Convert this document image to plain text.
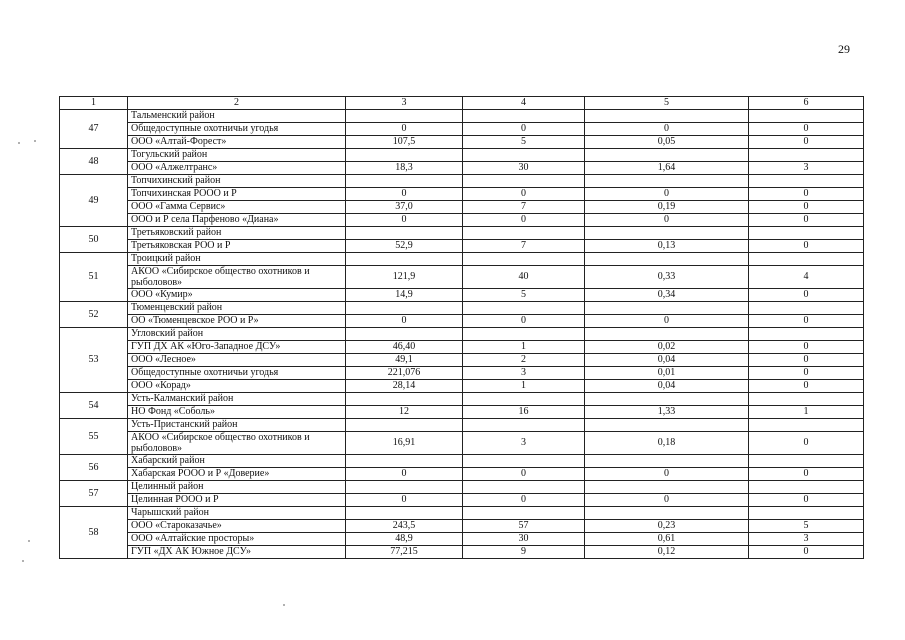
29
1	2	3	4	5	6
47	Тальменский район				
	Общедоступные охотничьи угодья	0	0	0	0
	ООО «Алтай-Форест»	107,5	5	0,05	0
48	Тогульский район				
	ООО «Алжелтранс»	18,3	30	1,64	3
49	Топчихинский район				
	Топчихинская РООО и Р	0	0	0	0
	ООО «Гамма Сервис»	37,0	7	0,19	0
	ООО и Р села Парфеново «Диана»	0	0	0	0
50	Третьяковский район				
	Третьяковская РОО и Р	52,9	7	0,13	0
51	Троицкий район				
	АКОО «Сибирское общество охотников и рыболовов»	121,9	40	0,33	4
	ООО «Кумир»	14,9	5	0,34	0
52	Тюменцевский район				
	ОО «Тюменцевское РОО и Р»	0	0	0	0
53	Угловский район				
	ГУП ДХ АК «Юго-Западное ДСУ»	46,40	1	0,02	0
	ООО «Лесное»	49,1	2	0,04	0
	Общедоступные охотничьи угодья	221,076	3	0,01	0
	ООО «Корад»	28,14	1	0,04	0
54	Усть-Калманский район				
	НО Фонд «Соболь»	12	16	1,33	1
55	Усть-Пристанский район				
	АКОО «Сибирское общество охотников и рыболовов»	16,91	3	0,18	0
56	Хабарский район				
	Хабарская РООО и Р «Доверие»	0	0	0	0
57	Целинный район				
	Целинная РООО и Р	0	0	0	0
58	Чарышский район				
	ООО «Староказачье»	243,5	57	0,23	5
	ООО «Алтайские просторы»	48,9	30	0,61	3
	ГУП «ДХ АК Южное ДСУ»	77,215	9	0,12	0
